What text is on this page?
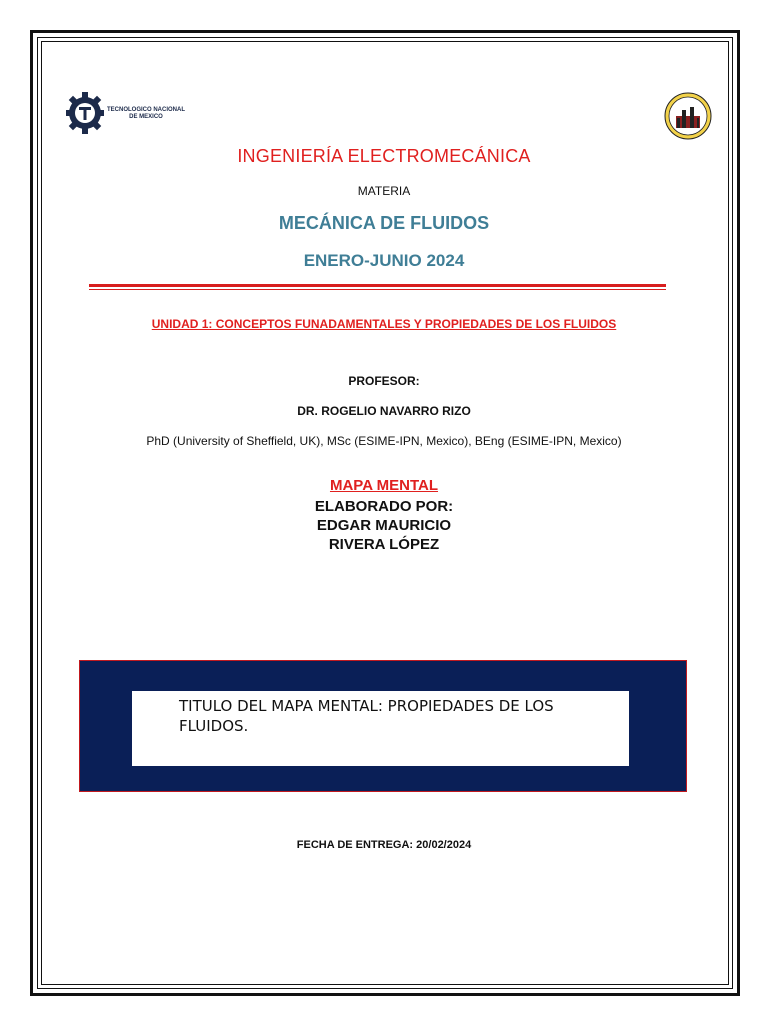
TECNOLOGICO NACIONAL DE MEXICO
INGENIERÍA ELECTROMECÁNICA
MATERIA
MECÁNICA DE FLUIDOS
ENERO-JUNIO 2024
UNIDAD 1: CONCEPTOS FUNADAMENTALES Y PROPIEDADES DE LOS FLUIDOS
PROFESOR:
DR. ROGELIO NAVARRO RIZO
PhD (University of Sheffield, UK), MSc (ESIME-IPN, Mexico), BEng (ESIME-IPN, Mexico)
MAPA MENTAL
ELABORADO POR:
EDGAR MAURICIO
RIVERA LÓPEZ
TITULO DEL MAPA MENTAL: PROPIEDADES DE LOS FLUIDOS.
FECHA DE ENTREGA: 20/02/2024
